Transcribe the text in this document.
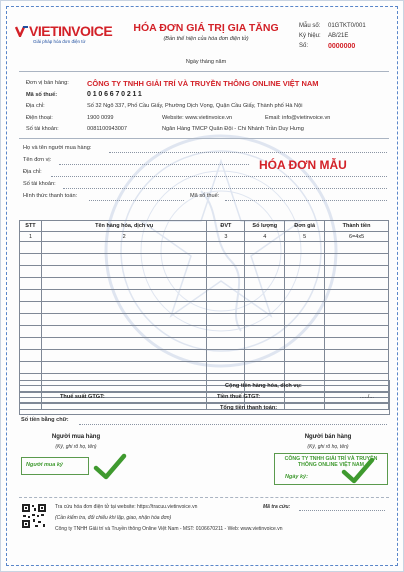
VIETINVOICE
Giải pháp hóa đơn điện tử
HÓA ĐƠN GIÁ TRỊ GIA TĂNG
(Bản thể hiện của hóa đơn điện tử)
Ngày tháng năm
Mẫu số: 01GTKT0/001
Ký hiệu: AB/21E
Số:	0000000
Đơn vị bán hàng: CÔNG TY TNHH GIẢI TRÍ VÀ TRUYỀN THÔNG ONLINE VIỆT NAM
Mã số thuế:	0106670211
Địa chỉ:	Số 32 Ngõ 337, Phố Cầu Giấy, Phường Dịch Vọng, Quận Cầu Giấy, Thành phố Hà Nội
Điện thoại:	1900 0099	Website: www.vietinvoice.vn	Email: info@vietinvoice.vn
Số tài khoản:	0081100943007	Ngân Hàng TMCP Quân Đội - Chi Nhánh Trần Duy Hưng
Họ và tên người mua hàng:
Tên đơn vị:	HÓA ĐƠN MẪU
Địa chỉ:
Số tài khoản:
Hình thức thanh toán:	Mã số thuế:
STT	Tên hàng hóa, dịch vụ	ĐVT	Số lượng	Đơn giá	Thành tiền
1	2	3	4	5	6=4x5

Cộng tiền hàng hóa, dịch vụ:
Thuế suất GTGT:	Tiền thuế GTGT:	...../...
Tổng tiền thanh toán:
Số tiền bằng chữ:
Người mua hàng
(Ký, ghi rõ họ, tên)
Người mua ký
Người bán hàng
(Ký, ghi rõ họ, tên)
CÔNG TY TNHH GIẢI TRÍ VÀ TRUYỀN THÔNG ONLINE VIỆT NAM
Ngày ký:
Tra cứu hóa đơn điện tử tại website: https://tracuu.vietinvoice.vn	Mã tra cứu:
(Cần kiểm tra, đối chiếu khi lập, giao, nhận hóa đơn)
Công ty TNHH Giải trí và Truyền thông Online Việt Nam - MST: 0106670211 - Web: www.vietinvoice.vn
